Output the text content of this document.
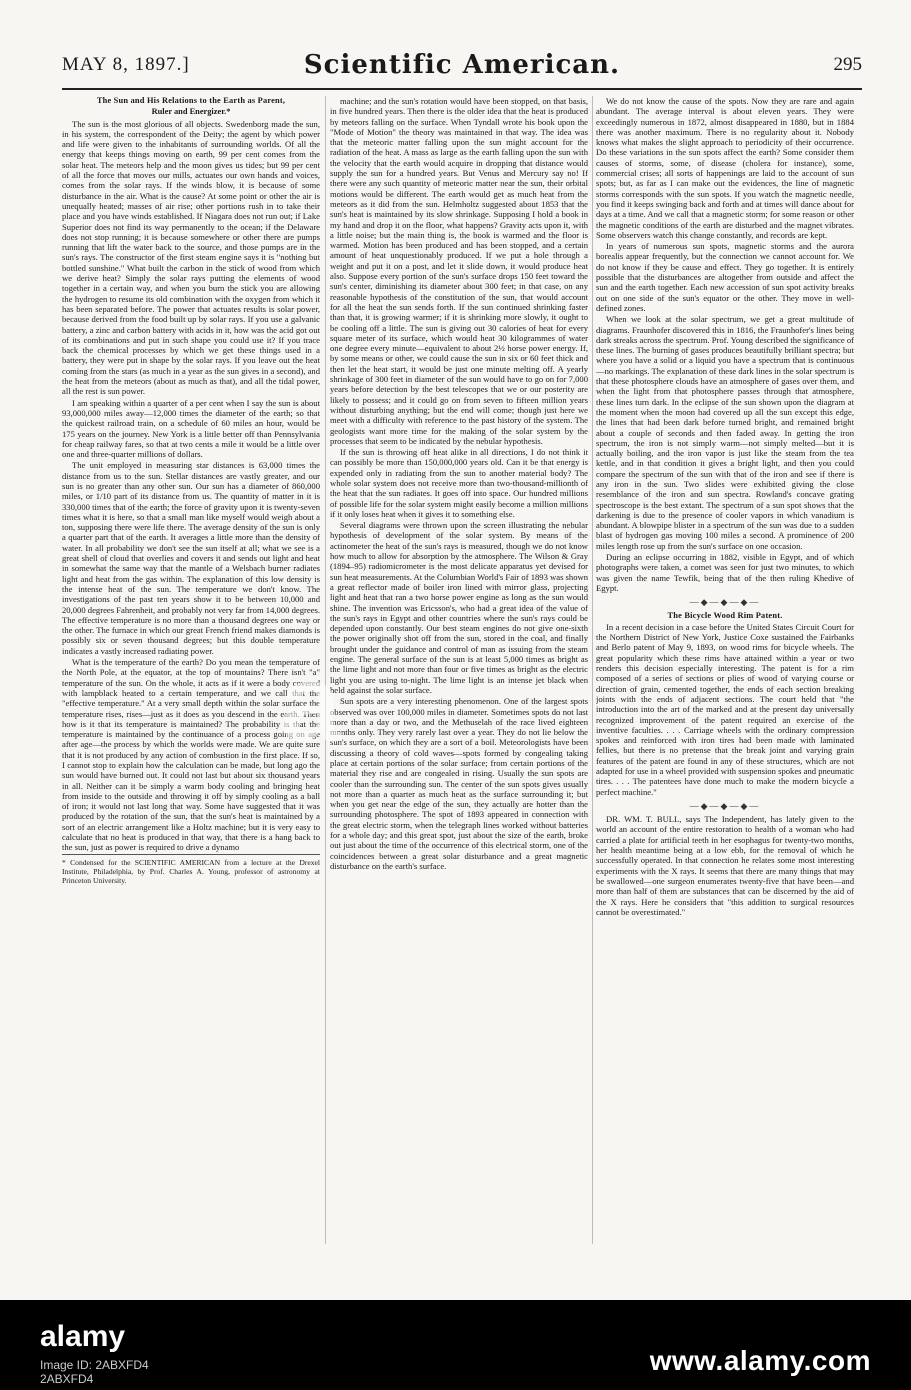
MAY 8, 1897.]	Scientific American.	295

The Sun and His Relations to the Earth as Parent,

Ruler and Energizer.*

The sun is the most glorious of all objects. Swedenborg made the sun, in his system, the correspondent of the Deity; the agent by which power and life were given to the inhabitants of surrounding worlds. Of all the energy that keeps things moving on earth, 99 per cent comes from the solar heat. The meteors help and the moon gives us tides; but 99 per cent of all the force that moves our mills, actuates our own hands and voices, comes from the solar rays. If the winds blow, it is because of some disturbance in the air. What is the cause? At some point or other the air is unequally heated; masses of air rise; other portions rush in to take their place and you have winds established. If Niagara does not run out; if Lake Superior does not find its way permanently to the ocean; if the Delaware does not stop running; it is because somewhere or other there are pumps running that lift the water back to the source, and those pumps are in the sun's rays. The constructor of the first steam engine says it is "nothing but bottled sunshine." What built the carbon in the stick of wood from which we derive heat? Simply the solar rays putting the elements of wood together in a certain way, and when you burn the stick you are allowing the hydrogen to resume its old combination with the oxygen from which it has been separated before. The power that actuates results is solar power, because derived from the food built up by solar rays. If you use a galvanic battery, a zinc and carbon battery with acids in it, how was the acid got out of its combinations and put in such shape you could use it? If you trace back the chemical processes by which we get these things used in a battery, they were put in shape by the solar rays. If you leave out the heat coming from the stars (as much in a year as the sun gives in a second), and the heat from the meteors (about as much as that), and all the tidal power, all the rest is sun power.

I am speaking within a quarter of a per cent when I say the sun is about 93,000,000 miles away—12,000 times the diameter of the earth; so that the quickest railroad train, on a schedule of 60 miles an hour, would be 175 years on the journey. New York is a little better off than Pennsylvania for cheap railway fares, so that at two cents a mile it would be a little over one and three-quarter millions of dollars.

The unit employed in measuring star distances is 63,000 times the distance from us to the sun. Stellar distances are vastly greater, and our sun is no greater than any other sun. Our sun has a diameter of 860,000 miles, or 1/10 part of its distance from us. The quantity of matter in it is 330,000 times that of the earth; the force of gravity upon it is twenty-seven times what it is here, so that a small man like myself would weigh about a ton, supposing there were life there. The average density of the sun is only a quarter part that of the earth. It averages a little more than the density of water. In all probability we don't see the sun itself at all; what we see is a great shell of cloud that overlies and covers it and sends out light and heat in somewhat the same way that the mantle of a Welsbach burner radiates light and heat from the gas within. The explanation of this low density is the intense heat of the sun. The temperature we don't know. The investigations of the past ten years show it to be between 10,000 and 20,000 degrees Fahrenheit, and probably not very far from 14,000 degrees. The effective temperature is no more than a thousand degrees one way or the other. The furnace in which our great French friend makes diamonds is possibly six or seven thousand degrees; but this double temperature indicates a vastly increased radiating power.

What is the temperature of the earth? Do you mean the temperature of the North Pole, at the equator, at the top of mountains? There isn't "a" temperature of the sun. On the whole, it acts as if it were a body covered with lampblack heated to a certain temperature, and we call that the "effective temperature." At a very small depth within the solar surface the temperature rises, rises—just as it does as you descend in the earth. Then how is it that its temperature is maintained? The probability is that the temperature is maintained by the continuance of a process going on age after age—the process by which the worlds were made. We are quite sure that it is not produced by any action of combustion in the first place. If so, I cannot stop to explain how the calculation can be made, but long ago the sun would have burned out. It could not last but about six thousand years in all. Neither can it be simply a warm body cooling and bringing heat from inside to the outside and throwing it off by simply cooling as a ball of iron; it would not last long that way. Some have suggested that it was produced by the rotation of the sun, that the sun's heat is maintained by a sort of an electric arrangement like a Holtz machine; but it is very easy to calculate that no heat is produced in that way, that there is a hang back to the sun, just as power is required to drive a dynamo

* Condensed for the SCIENTIFIC AMERICAN from a lecture at the Drexel Institute, Philadelphia, by Prof. Charles A. Young, professor of astronomy at Princeton University.

machine; and the sun's rotation would have been stopped, on that basis, in five hundred years. Then there is the older idea that the heat is produced by meteors falling on the surface. When Tyndall wrote his book upon the "Mode of Motion" the theory was maintained in that way. The idea was that the meteoric matter falling upon the sun might account for the radiation of the heat. A mass as large as the earth falling upon the sun with the velocity that the earth would acquire in dropping that distance would supply the sun for a hundred years. But Venus and Mercury say no! If there were any such quantity of meteoric matter near the sun, their orbital motions would be different. The earth would get as much heat from the meteors as it did from the sun. Helmholtz suggested about 1853 that the sun's heat is maintained by its slow shrinkage. Supposing I hold a book in my hand and drop it on the floor, what happens? Gravity acts upon it, with a little noise; but the main thing is, the book is warmed and the floor is warmed. Motion has been produced and has been stopped, and a certain amount of heat unquestionably produced. If we put a hole through a weight and put it on a post, and let it slide down, it would produce heat also. Suppose every portion of the sun's surface drops 150 feet toward the sun's center, diminishing its diameter about 300 feet; in that case, on any reasonable hypothesis of the constitution of the sun, that would account for all the heat the sun sends forth. If the sun continued shrinking faster than that, it is growing warmer; if it is shrinking more slowly, it ought to be cooling off a little. The sun is giving out 30 calories of heat for every square meter of its surface, which would heat 30 kilogrammes of water one degree every minute—equivalent to about 2½ horse power energy. If, by some means or other, we could cause the sun in six or 60 feet thick and then let the heat start, it would be just one minute melting off. A yearly shrinkage of 300 feet in diameter of the sun would have to go on for 7,000 years before detection by the best telescopes that we or our posterity are likely to possess; and it could go on from seven to fifteen million years without disturbing anything; but the end will come; though just here we meet with a difficulty with reference to the past history of the system. The geologists want more time for the making of the solar system by the processes that seem to be indicated by the nebular hypothesis.

If the sun is throwing off heat alike in all directions, I do not think it can possibly be more than 150,000,000 years old. Can it be that energy is expended only in radiating from the sun to another material body? The whole solar system does not receive more than two-thousand-millionth of the heat that the sun radiates. It goes off into space. Our hundred millions of possible life for the solar system might easily become a million millions if it only loses heat when it gives it to something else.

Several diagrams were thrown upon the screen illustrating the nebular hypothesis of development of the solar system. By means of the actinometer the heat of the sun's rays is measured, though we do not know how much to allow for absorption by the atmosphere. The Wilson & Gray (1894–95) radiomicrometer is the most delicate apparatus yet devised for sun heat measurements. At the Columbian World's Fair of 1893 was shown a great reflector made of boiler iron lined with mirror glass, projecting light and heat that ran a two horse power engine as long as the sun would shine. The invention was Ericsson's, who had a great idea of the value of the sun's rays in Egypt and other countries where the sun's rays could be depended upon constantly. Our best steam engines do not give one-sixth the power originally shot off from the sun, stored in the coal, and finally brought under the guidance and control of man as issuing from the steam engine. The general surface of the sun is at least 5,000 times as bright as the lime light and not more than four or five times as bright as the electric light you are using to-night. The lime light is an intense jet black when held against the solar surface.

Sun spots are a very interesting phenomenon. One of the largest spots observed was over 100,000 miles in diameter. Sometimes spots do not last more than a day or two, and the Methuselah of the race lived eighteen months only. They very rarely last over a year. They do not lie below the sun's surface, on which they are a sort of a boil. Meteorologists have been discussing a theory of cold waves—spots formed by congealing taking place at certain portions of the solar surface; from certain portions of the material they rise and are congealed in rising. Usually the sun spots are cooler than the surrounding sun. The center of the sun spots gives usually not more than a quarter as much heat as the surface surrounding it; but when you get near the edge of the sun, they actually are hotter than the surrounding photosphere. The spot of 1893 appeared in connection with the great electric storm, when the telegraph lines worked without batteries for a whole day; and this great spot, just about the size of the earth, broke out just about the time of the occurrence of this electrical storm, one of the coincidences between a great solar disturbance and a great magnetic disturbance on the earth's surface.

We do not know the cause of the spots. Now they are rare and again abundant. The average interval is about eleven years. They were exceedingly numerous in 1872, almost disappeared in 1880, but in 1884 there was another maximum. There is no regularity about it. Nobody knows what makes the slight approach to periodicity of their occurrence. Do these variations in the sun spots affect the earth? Some consider them causes of storms, some, of disease (cholera for instance), some, commercial crises; all sorts of happenings are laid to the account of sun spots; but, as far as I can make out the evidences, the line of magnetic storms corresponds with the sun spots. If you watch the magnetic needle, you find it keeps swinging back and forth and at times will dance about for days at a time. And we call that a magnetic storm; for some reason or other the magnetic conditions of the earth are disturbed and the magnet vibrates. Some observers watch this change constantly, and records are kept.

In years of numerous sun spots, magnetic storms and the aurora borealis appear frequently, but the connection we cannot account for. We do not know if they be cause and effect. They go together. It is entirely possible that the disturbances are altogether from outside and affect the sun and the earth together. Each new accession of sun spot activity breaks out on one side of the sun's equator or the other. They move in well-defined zones.

When we look at the solar spectrum, we get a great multitude of diagrams. Fraunhofer discovered this in 1816, the Fraunhofer's lines being dark streaks across the spectrum. Prof. Young described the significance of these lines. The burning of gases produces beautifully brilliant spectra; but where you have a solid or a liquid you have a spectrum that is continuous—no markings. The explanation of these dark lines in the solar spectrum is that these photosphere clouds have an atmosphere of gases over them, and when the light from that photosphere passes through that atmosphere, these lines turn dark. In the eclipse of the sun shown upon the diagram at the moment when the moon had covered up all the sun except this edge, the lines that had been dark before turned bright, and remained bright about a couple of seconds and then faded away. In getting the iron spectrum, the iron is not simply warm—not simply melted—but it is actually boiling, and the iron vapor is just like the steam from the tea kettle, and in that condition it gives a bright light, and then you could compare the spectrum of the sun with that of the iron and see if there is any iron in the sun. Two slides were exhibited giving the close resemblance of the iron and sun spectra. Rowland's concave grating spectroscope is the best extant. The spectrum of a sun spot shows that the darkening is due to the presence of cooler vapors in which vanadium is abundant. A blowpipe blister in a spectrum of the sun was due to a sudden blast of hydrogen gas moving 100 miles a second. A prominence of 200 miles length rose up from the sun's surface on one occasion.

During an eclipse occurring in 1882, visible in Egypt, and of which photographs were taken, a comet was seen for just two minutes, to which was given the name Tewfik, being that of the then ruling Khedive of Egypt.

—◆—◆—◆—

The Bicycle Wood Rim Patent.

In a recent decision in a case before the United States Circuit Court for the Northern District of New York, Justice Coxe sustained the Fairbanks and Berlo patent of May 9, 1893, on wood rims for bicycle wheels. The great popularity which these rims have attained within a year or two renders this decision especially interesting. The patent is for a rim composed of a series of sections or plies of wood of varying course or direction of grain, cemented together, the ends of each section breaking joints with the ends of adjacent sections. The court held that "the introduction into the art of the marked and at the present day universally recognized improvement of the patent required an exercise of the inventive faculties. . . . Carriage wheels with the ordinary compression spokes and reinforced with iron tires had been made with laminated fellies, but there is no pretense that the break joint and varying grain features of the patent are found in any of these structures, which are not adapted for use in a wheel provided with suspension spokes and pneumatic tires. . . . The patentees have done much to make the modern bicycle a perfect machine."

—◆—◆—◆—

DR. WM. T. BULL, says The Independent, has lately given to the world an account of the entire restoration to health of a woman who had carried a plate for artificial teeth in her esophagus for twenty-two months, her health meantime being at a low ebb, for the removal of which he successfully operated. In that connection he relates some most interesting experiments with the X rays. It seems that there are many things that may be swallowed—one surgeon enumerates twenty-five that have been—and more than half of them are substances that can be discerned by the aid of the X rays. Here he considers that "this addition to surgical resources cannot be overestimated."

a
alamy
Image ID: 2ABXFD4
2ABXFD4
www.alamy.com
